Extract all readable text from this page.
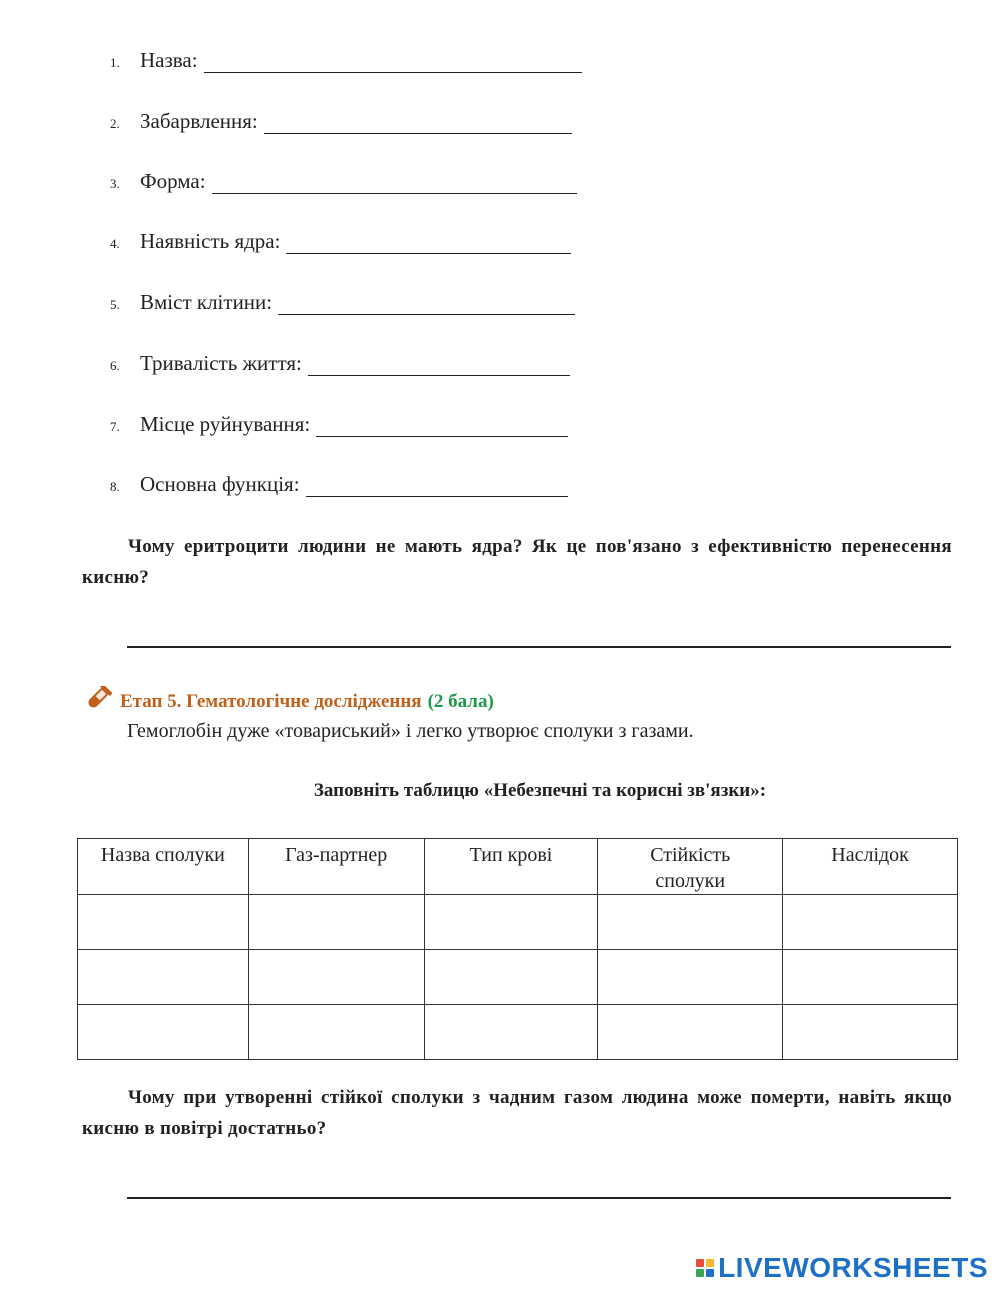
1. Назва:
2. Забарвлення:
3. Форма:
4. Наявність ядра:
5. Вміст клітини:
6. Тривалість життя:
7. Місце руйнування:
8. Основна функція:
Чому еритроцити людини не мають ядра? Як це пов'язано з ефективністю перенесення кисню?
Етап 5. Гематологічне дослідження (2 бала)
Гемоглобін дуже «товариський» і легко утворює сполуки з газами.
Заповніть таблицю «Небезпечні та корисні зв'язки»:
Назва сполуки	Газ-партнер	Тип крові	Стійкість сполуки	Наслідок

Чому при утворенні стійкої сполуки з чадним газом людина може померти, навіть якщо кисню в повітрі достатньо?
LIVEWORKSHEETS
